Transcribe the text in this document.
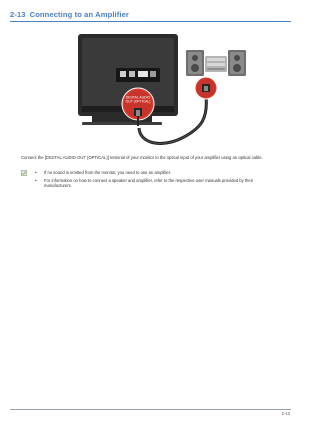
2-13 Connecting to an Amplifier
DIGITAL AUDIO
OUT (OPTICAL)

Connect the [DIGITAL AUDIO OUT (OPTICAL)] terminal of your monitor to the optical input of your amplifier using an optical cable.

• If no sound is emitted from the monitor, you need to use an amplifier.
• For information on how to connect a speaker and amplifier, refer to the respective user manuals provided by their manufacturers.
2-13
